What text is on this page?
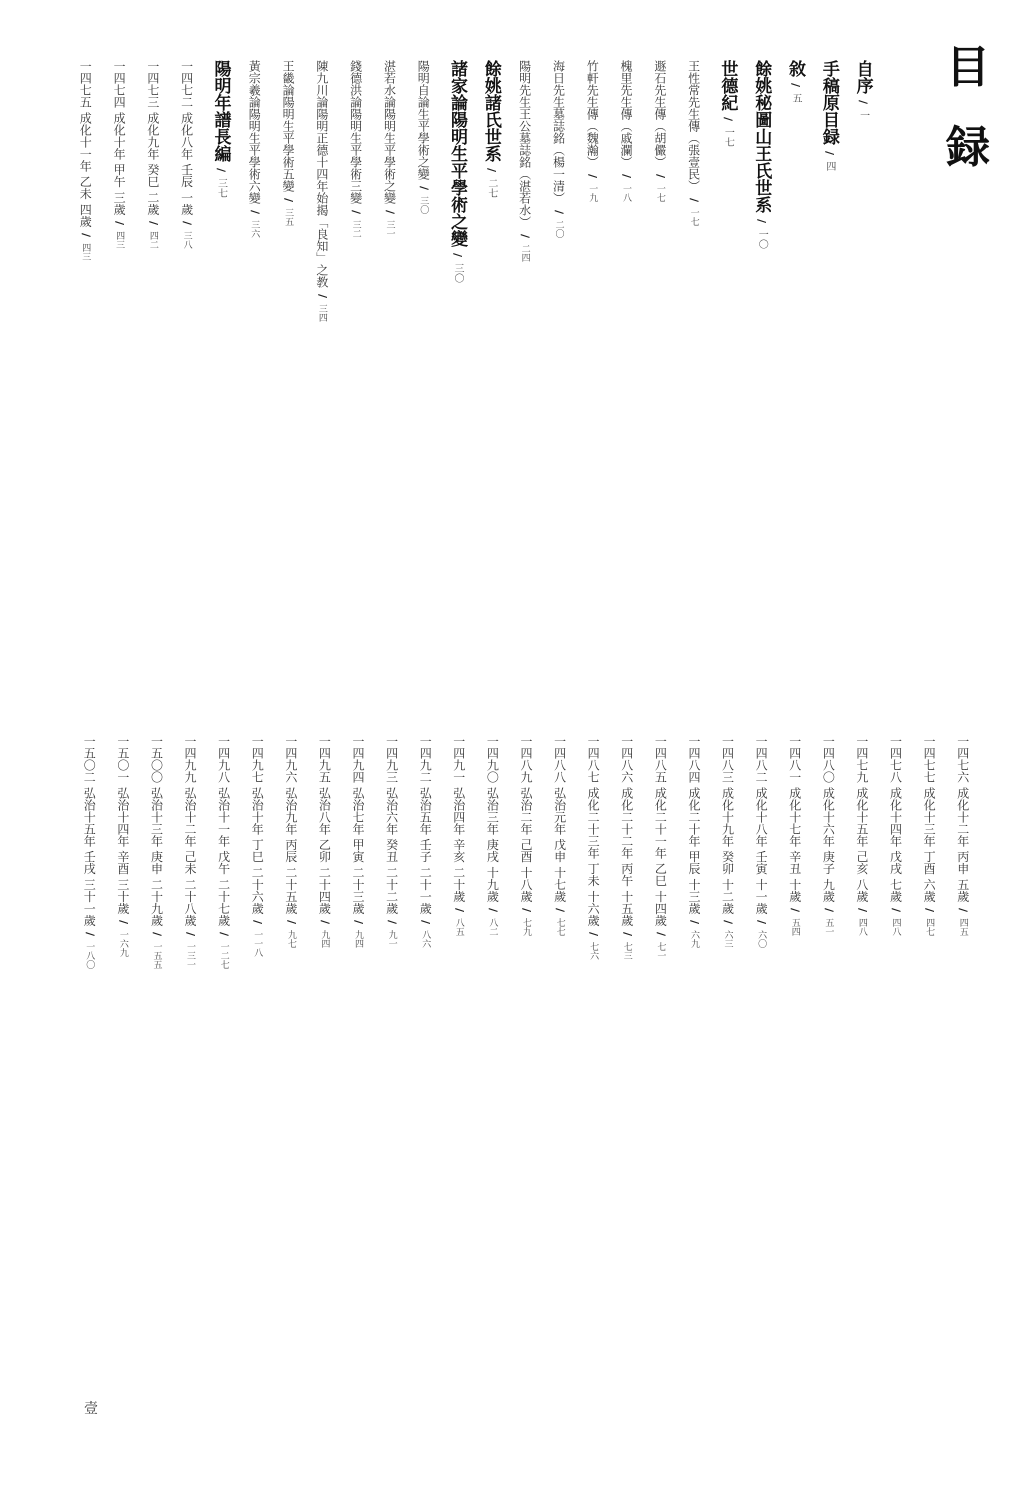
目
録
自序
/
一
手稿原目録
/
四
敘
/
五
餘姚秘圖山王氏世系
/
一〇
世德紀
/
一七
王性常先生傳（張壹民）
/
一七
遯石先生傳（胡儼）
/
一七
槐里先生傳（戚瀾）
/
一八
竹軒先生傳（魏瀚）
/
一九
海日先生墓誌銘（楊一清）
/
二〇
陽明先生王公墓誌銘（湛若水）
/
二四
餘姚諸氏世系
/
二七
諸家論陽明生平學術之變
/
三〇
陽明自論生平學術之變
/
三〇
湛若水論陽明生平學術之變
/
三一
錢德洪論陽明生平學術三變
/
三二
陳九川論陽明正德十四年始揭「良知」之教
/
三四
王畿論陽明生平學術五變
/
三五
黃宗羲論陽明生平學術六變
/
三六
陽明年譜長編
/
三七
一四七二 成化八年 壬辰 一歲
/
三八
一四七三 成化九年 癸巳 二歲
/
四二
一四七四 成化十年 甲午 三歲
/
四三
一四七五 成化十一年 乙未 四歲
/
四三
一四七六 成化十二年 丙申 五歲
/
四五
一四七七 成化十三年 丁酉 六歲
/
四七
一四七八 成化十四年 戊戌 七歲
/
四八
一四七九 成化十五年 己亥 八歲
/
四八
一四八〇 成化十六年 庚子 九歲
/
五一
一四八一 成化十七年 辛丑 十歲
/
五四
一四八二 成化十八年 壬寅 十一歲
/
六〇
一四八三 成化十九年 癸卯 十二歲
/
六三
一四八四 成化二十年 甲辰 十三歲
/
六九
一四八五 成化二十一年 乙巳 十四歲
/
七一
一四八六 成化二十二年 丙午 十五歲
/
七三
一四八七 成化二十三年 丁未 十六歲
/
七六
一四八八 弘治元年 戊申 十七歲
/
七七
一四八九 弘治二年 己酉 十八歲
/
七九
一四九〇 弘治三年 庚戌 十九歲
/
八二
一四九一 弘治四年 辛亥 二十歲
/
八五
一四九二 弘治五年 壬子 二十一歲
/
八六
一四九三 弘治六年 癸丑 二十二歲
/
九一
一四九四 弘治七年 甲寅 二十三歲
/
九四
一四九五 弘治八年 乙卯 二十四歲
/
九四
一四九六 弘治九年 丙辰 二十五歲
/
九七
一四九七 弘治十年 丁巳 二十六歲
/
一一八
一四九八 弘治十一年 戊午 二十七歲
/
一二七
一四九九 弘治十二年 己未 二十八歲
/
一三一
一五〇〇 弘治十三年 庚申 二十九歲
/
一五五
一五〇一 弘治十四年 辛酉 三十歲
/
一六九
一五〇二 弘治十五年 壬戌 三十一歲
/
一八〇
壹
